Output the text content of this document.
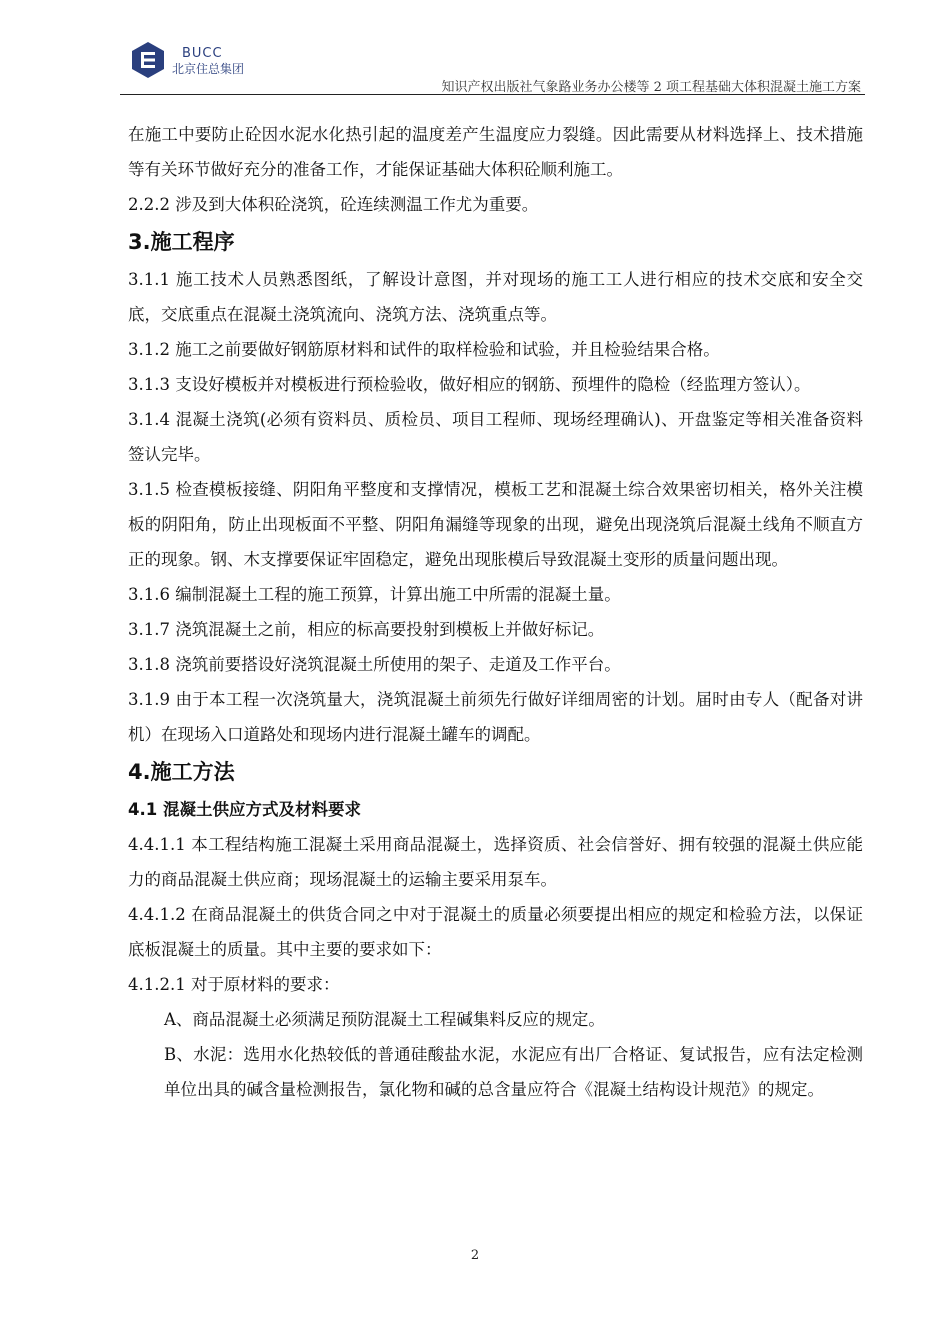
BUCC
北京住总集团
知识产权出版社气象路业务办公楼等 2 项工程基础大体积混凝土施工方案

在施工中要防止砼因水泥水化热引起的温度差产生温度应力裂缝。因此需要从材料选择上、技术措施等有关环节做好充分的准备工作，才能保证基础大体积砼顺利施工。

2.2.2 涉及到大体积砼浇筑，砼连续测温工作尤为重要。

3.施工程序

3.1.1 施工技术人员熟悉图纸，了解设计意图，并对现场的施工工人进行相应的技术交底和安全交底，交底重点在混凝土浇筑流向、浇筑方法、浇筑重点等。

3.1.2 施工之前要做好钢筋原材料和试件的取样检验和试验，并且检验结果合格。

3.1.3 支设好模板并对模板进行预检验收，做好相应的钢筋、预埋件的隐检（经监理方签认）。

3.1.4 混凝土浇筑(必须有资料员、质检员、项目工程师、现场经理确认)、开盘鉴定等相关准备资料签认完毕。

3.1.5 检查模板接缝、阴阳角平整度和支撑情况，模板工艺和混凝土综合效果密切相关，格外关注模板的阴阳角，防止出现板面不平整、阴阳角漏缝等现象的出现，避免出现浇筑后混凝土线角不顺直方正的现象。钢、木支撑要保证牢固稳定，避免出现胀模后导致混凝土变形的质量问题出现。

3.1.6 编制混凝土工程的施工预算，计算出施工中所需的混凝土量。

3.1.7 浇筑混凝土之前，相应的标高要投射到模板上并做好标记。

3.1.8 浇筑前要搭设好浇筑混凝土所使用的架子、走道及工作平台。

3.1.9 由于本工程一次浇筑量大，浇筑混凝土前须先行做好详细周密的计划。届时由专人（配备对讲机）在现场入口道路处和现场内进行混凝土罐车的调配。

4.施工方法
4.1 混凝土供应方式及材料要求

4.4.1.1 本工程结构施工混凝土采用商品混凝土，选择资质、社会信誉好、拥有较强的混凝土供应能力的商品混凝土供应商；现场混凝土的运输主要采用泵车。

4.4.1.2 在商品混凝土的供货合同之中对于混凝土的质量必须要提出相应的规定和检验方法，以保证底板混凝土的质量。其中主要的要求如下：

4.1.2.1 对于原材料的要求：

A、商品混凝土必须满足预防混凝土工程碱集料反应的规定。

B、水泥：选用水化热较低的普通硅酸盐水泥，水泥应有出厂合格证、复试报告，应有法定检测单位出具的碱含量检测报告，氯化物和碱的总含量应符合《混凝土结构设计规范》的规定。

2
